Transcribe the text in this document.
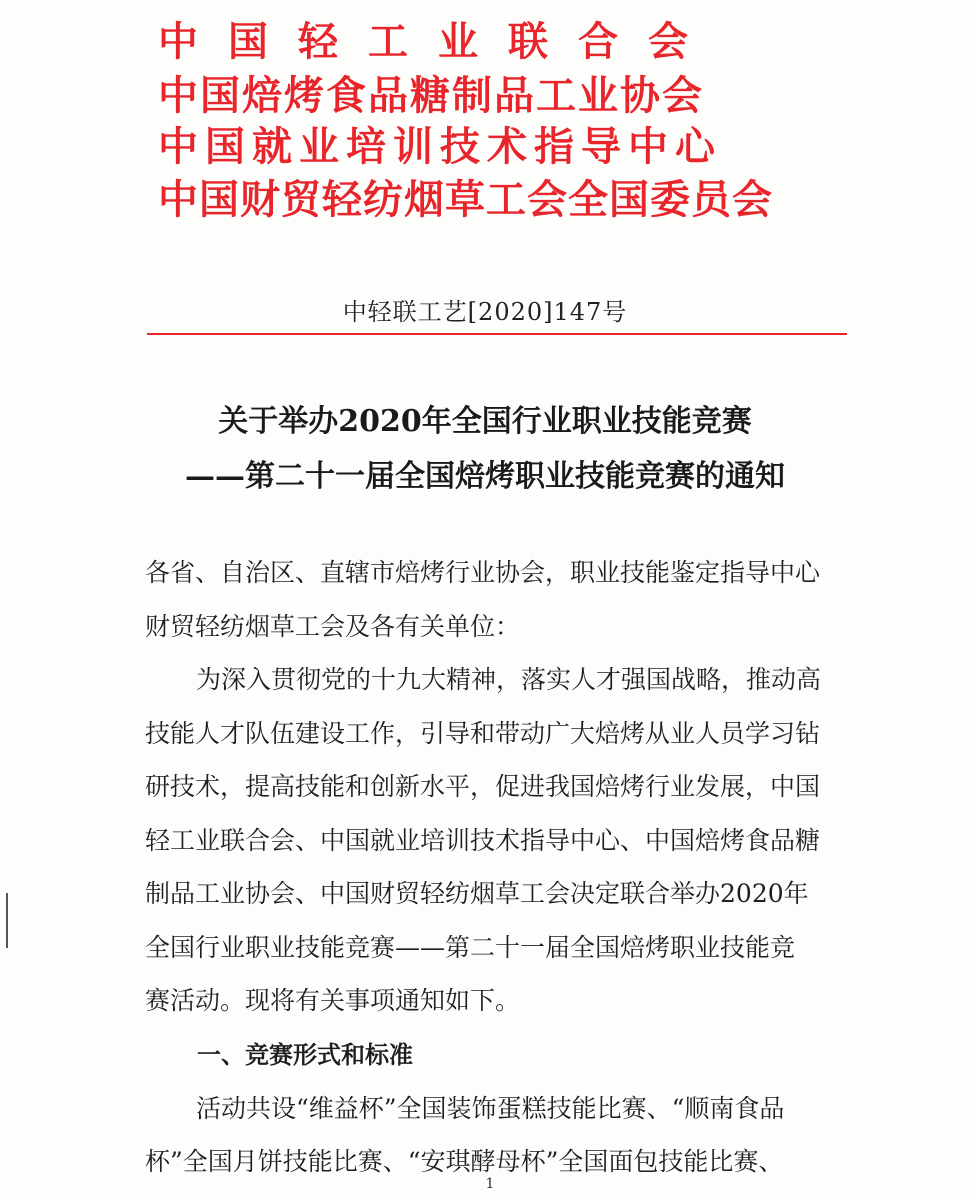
中国轻工业联合会

中国焙烤食品糖制品工业协会

中国就业培训技术指导中心

中国财贸轻纺烟草工会全国委员会

中轻联工艺[2020]147号
关于举办2020年全国行业职业技能竞赛
——第二十一届全国焙烤职业技能竞赛的通知
各省、自治区、直辖市焙烤行业协会，职业技能鉴定指导中心
财贸轻纺烟草工会及各有关单位：
为深入贯彻党的十九大精神，落实人才强国战略，推动高
技能人才队伍建设工作，引导和带动广大焙烤从业人员学习钻
研技术，提高技能和创新水平，促进我国焙烤行业发展，中国
轻工业联合会、中国就业培训技术指导中心、中国焙烤食品糖
制品工业协会、中国财贸轻纺烟草工会决定联合举办2020年
全国行业职业技能竞赛——第二十一届全国焙烤职业技能竞
赛活动。现将有关事项通知如下。
一、竞赛形式和标准
活动共设“维益杯”全国装饰蛋糕技能比赛、“顺南食品
杯”全国月饼技能比赛、“安琪酵母杯”全国面包技能比赛、
1
